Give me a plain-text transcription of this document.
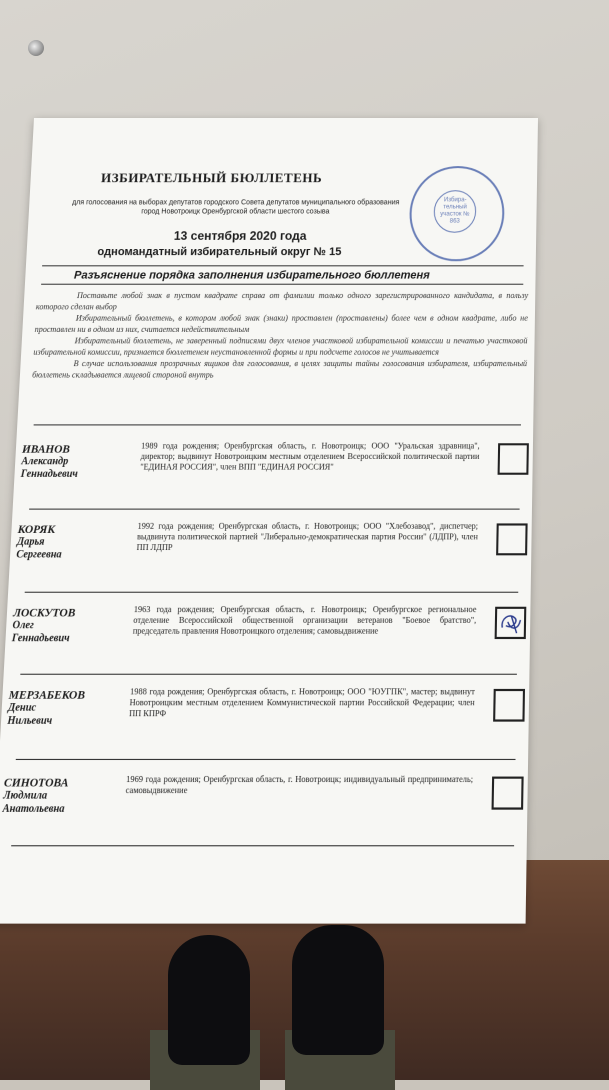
ИЗБИРАТЕЛЬНЫЙ БЮЛЛЕТЕНЬ
для голосования на выборах депутатов городского Совета депутатов муниципального образования город Новотроицк Оренбургской области шестого созыва
Избира-тельный участок № 863
13 сентября 2020 года
одномандатный избирательный округ № 15
Разъяснение порядка заполнения избирательного бюллетеня

Поставьте любой знак в пустом квадрате справа от фамилии только одного зарегистрированного кандидата, в пользу которого сделан выбор

Избирательный бюллетень, в котором любой знак (знаки) проставлен (проставлены) более чем в одном квадрате, либо не проставлен ни в одном из них, считается недействительным

Избирательный бюллетень, не заверенный подписями двух членов участковой избирательной комиссии и печатью участковой избирательной комиссии, признается бюллетенем неустановленной формы и при подсчете голосов не учитывается

В случае использования прозрачных ящиков для голосования, в целях защиты тайны голосования избирателя, избирательный бюллетень складывается лицевой стороной внутрь

ИВАНОВ
Александр
Геннадьевич
1989 года рождения; Оренбургская область, г. Новотроицк; ООО "Уральская здравница", директор; выдвинут Новотроицким местным отделением Всероссийской политической партии "ЕДИНАЯ РОССИЯ", член ВПП "ЕДИНАЯ РОССИЯ"
КОРЯК
Дарья
Сергеевна
1992 года рождения; Оренбургская область, г. Новотроицк; ООО "Хлебозавод", диспетчер; выдвинута политической партией "Либерально-демократическая партия России" (ЛДПР), член ПП ЛДПР
ЛОСКУТОВ
Олег
Геннадьевич
1963 года рождения; Оренбургская область, г. Новотроицк; Оренбургское региональное отделение Всероссийской общественной организации ветеранов "Боевое братство", председатель правления Новотроицкого отделения; самовыдвижение
МЕРЗАБЕКОВ
Денис
Нильевич
1988 года рождения; Оренбургская область, г. Новотроицк; ООО "ЮУГПК", мастер; выдвинут Новотроицким местным отделением Коммунистической партии Российской Федерации; член ПП КПРФ
СИНОТОВА
Людмила
Анатольевна
1969 года рождения; Оренбургская область, г. Новотроицк; индивидуальный предприниматель; самовыдвижение
